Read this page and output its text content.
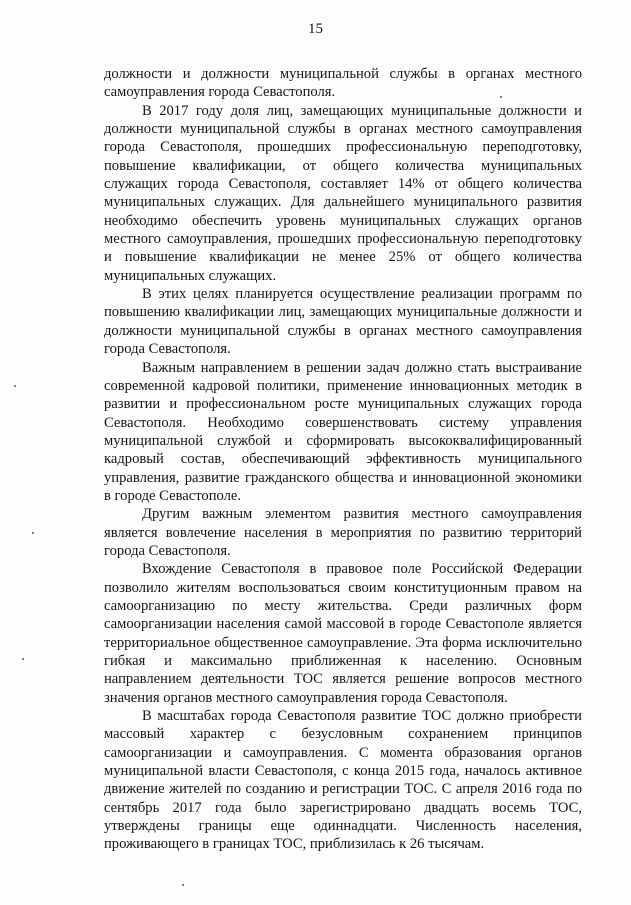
15

должности и должности муниципальной службы в органах местного самоуправления города Севастополя.

В 2017 году доля лиц, замещающих муниципальные должности и должности муниципальной службы в органах местного самоуправления города Севастополя, прошедших профессиональную переподготовку, повышение квалификации, от общего количества муниципальных служащих города Севастополя, составляет 14% от общего количества муниципальных служащих. Для дальнейшего муниципального развития необходимо обеспечить уровень муниципальных служащих органов местного самоуправления, прошедших профессиональную переподготовку и повышение квалификации не менее 25% от общего количества муниципальных служащих.

В этих целях планируется осуществление реализации программ по повышению квалификации лиц, замещающих муниципальные должности и должности муниципальной службы в органах местного самоуправления города Севастополя.

Важным направлением в решении задач должно стать выстраивание современной кадровой политики, применение инновационных методик в развитии и профессиональном росте муниципальных служащих города Севастополя. Необходимо совершенствовать систему управления муниципальной службой и сформировать высококвалифицированный кадровый состав, обеспечивающий эффективность муниципального управления, развитие гражданского общества и инновационной экономики в городе Севастополе.

Другим важным элементом развития местного самоуправления является вовлечение населения в мероприятия по развитию территорий города Севастополя.

Вхождение Севастополя в правовое поле Российской Федерации позволило жителям воспользоваться своим конституционным правом на самоорганизацию по месту жительства. Среди различных форм самоорганизации населения самой массовой в городе Севастополе является территориальное общественное самоуправление. Эта форма исключительно гибкая и максимально приближенная к населению. Основным направлением деятельности ТОС является решение вопросов местного значения органов местного самоуправления города Севастополя.

В масштабах города Севастополя развитие ТОС должно приобрести массовый характер с безусловным сохранением принципов самоорганизации и самоуправления. С момента образования органов муниципальной власти Севастополя, с конца 2015 года, началось активное движение жителей по созданию и регистрации ТОС. С апреля 2016 года по сентябрь 2017 года было зарегистрировано двадцать восемь ТОС, утверждены границы еще одиннадцати. Численность населения, проживающего в границах ТОС, приблизилась к 26 тысячам.
